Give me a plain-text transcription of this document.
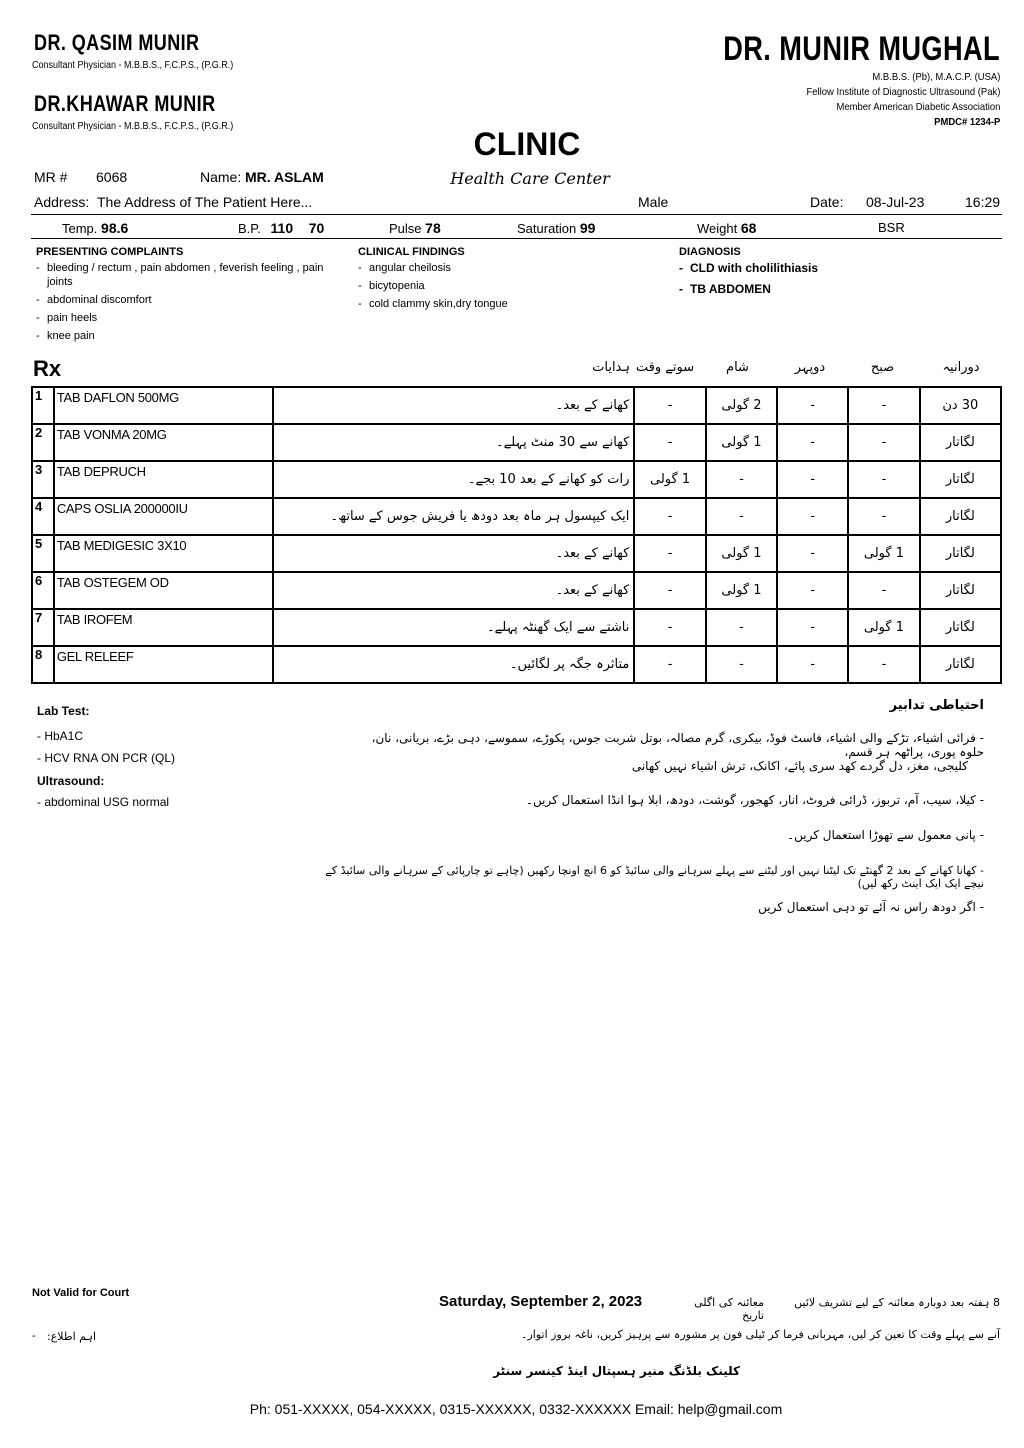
DR. QASIM MUNIR
Consultant Physician - M.B.B.S., F.C.P.S., (P.G.R.)
DR.KHAWAR MUNIR
Consultant Physician - M.B.B.S., F.C.P.S., (P.G.R.)
DR. MUNIR MUGHAL
M.B.B.S. (Pb), M.A.C.P. (USA)
Fellow Institute of Diagnostic Ultrasound (Pak)
Member American Diabetic Association
PMDC# 1234-P
CLINIC
Health Care Center
MR # 6068	Name: MR. ASLAM
Address: The Address of The Patient Here...	Male	Date: 08-Jul-23	16:29
Temp. 98.6	B.P. 110 70	Pulse 78	Saturation 99	Weight 68	BSR
PRESENTING COMPLAINTS
- bleeding / rectum , pain abdomen , feverish feeling , pain joints
- abdominal discomfort
- pain heels
- knee pain
CLINICAL FINDINGS
- angular cheilosis
- bicytopenia
- cold clammy skin,dry tongue
DIAGNOSIS
- CLD with cholilithiasis
- TB ABDOMEN
Rx	ہدایات سوتے وقت	شام	دوپہر	صبح	دورانیہ
1	TAB DAFLON 500MG	کھانے کے بعد۔	-	2 گولی	-	-	30 دن
2	TAB VONMA 20MG	کھانے سے 30 منٹ پہلے۔	-	1 گولی	-	-	لگاتار
3	TAB DEPRUCH	رات کو کھانے کے بعد 10 بجے۔	1 گولی	-	-	-	لگاتار
4	CAPS OSLIA 200000IU	ایک کیپسول ہر ماہ بعد دودھ یا فریش جوس کے ساتھ۔	-	-	-	-	لگاتار
5	TAB MEDIGESIC 3X10	کھانے کے بعد۔	-	1 گولی	-	1 گولی	لگاتار
6	TAB OSTEGEM OD	کھانے کے بعد۔	-	1 گولی	-	-	لگاتار
7	TAB IROFEM	ناشتے سے ایک گھنٹہ پہلے۔	-	-	-	1 گولی	لگاتار
8	GEL RELEEF	متاثرہ جگہ پر لگائیں۔	-	-	-	-	لگاتار
Lab Test:
- HbA1C
- HCV RNA ON PCR (QL)
Ultrasound:
- abdominal USG normal
احتیاطی تدابیر
- فرائی اشیاء، تڑکے والی اشیاء، فاسٹ فوڈ، بیکری، گرم مصالہ، بوتل شربت جوس، پکوڑے، سموسے، دہی بڑے، بریانی، نان، حلوہ پوری، پراٹھہ ہر قسم،
کلیجی، مغز، دل گردے کھد سری پائے، اکانک، ترش اشیاء نہیں کھانی
- کیلا، سیب، آم، تربوز، ڈرائی فروٹ، انار، کھجور، گوشت، دودھ، ابلا ہوا انڈا استعمال کریں۔
- پانی معمول سے تھوڑا استعمال کریں۔
- کھانا کھانے کے بعد 2 گھنٹے تک لیٹنا نہیں اور لیٹنے سے پہلے سرہانے والی سائیڈ کو 6 انچ اونچا رکھیں (چاہے تو چارپائی کے سرہانے والی سائیڈ کے نیچے ایک ایک اینٹ رکھ لیں)
- اگر دودھ راس نہ آئے تو دہی استعمال کریں
Not Valid for Court	Saturday, September 2, 2023	معائنہ کی اگلی تاریخ
8 ہفتہ بعد دوبارہ معائنہ کے لیے تشریف لائیں
اہم اطلاع:
-	آنے سے پہلے وقت کا تعین کر لیں، مہربانی فرما کر ٹیلی فون پر مشورہ سے پرہیز کریں، ناغہ بروز اتوار۔
کلینک بلڈنگ منیر ہسپتال اینڈ کینسر سنٹر
Ph: 051-XXXXX, 054-XXXXX, 0315-XXXXXX, 0332-XXXXXX Email: help@gmail.com
